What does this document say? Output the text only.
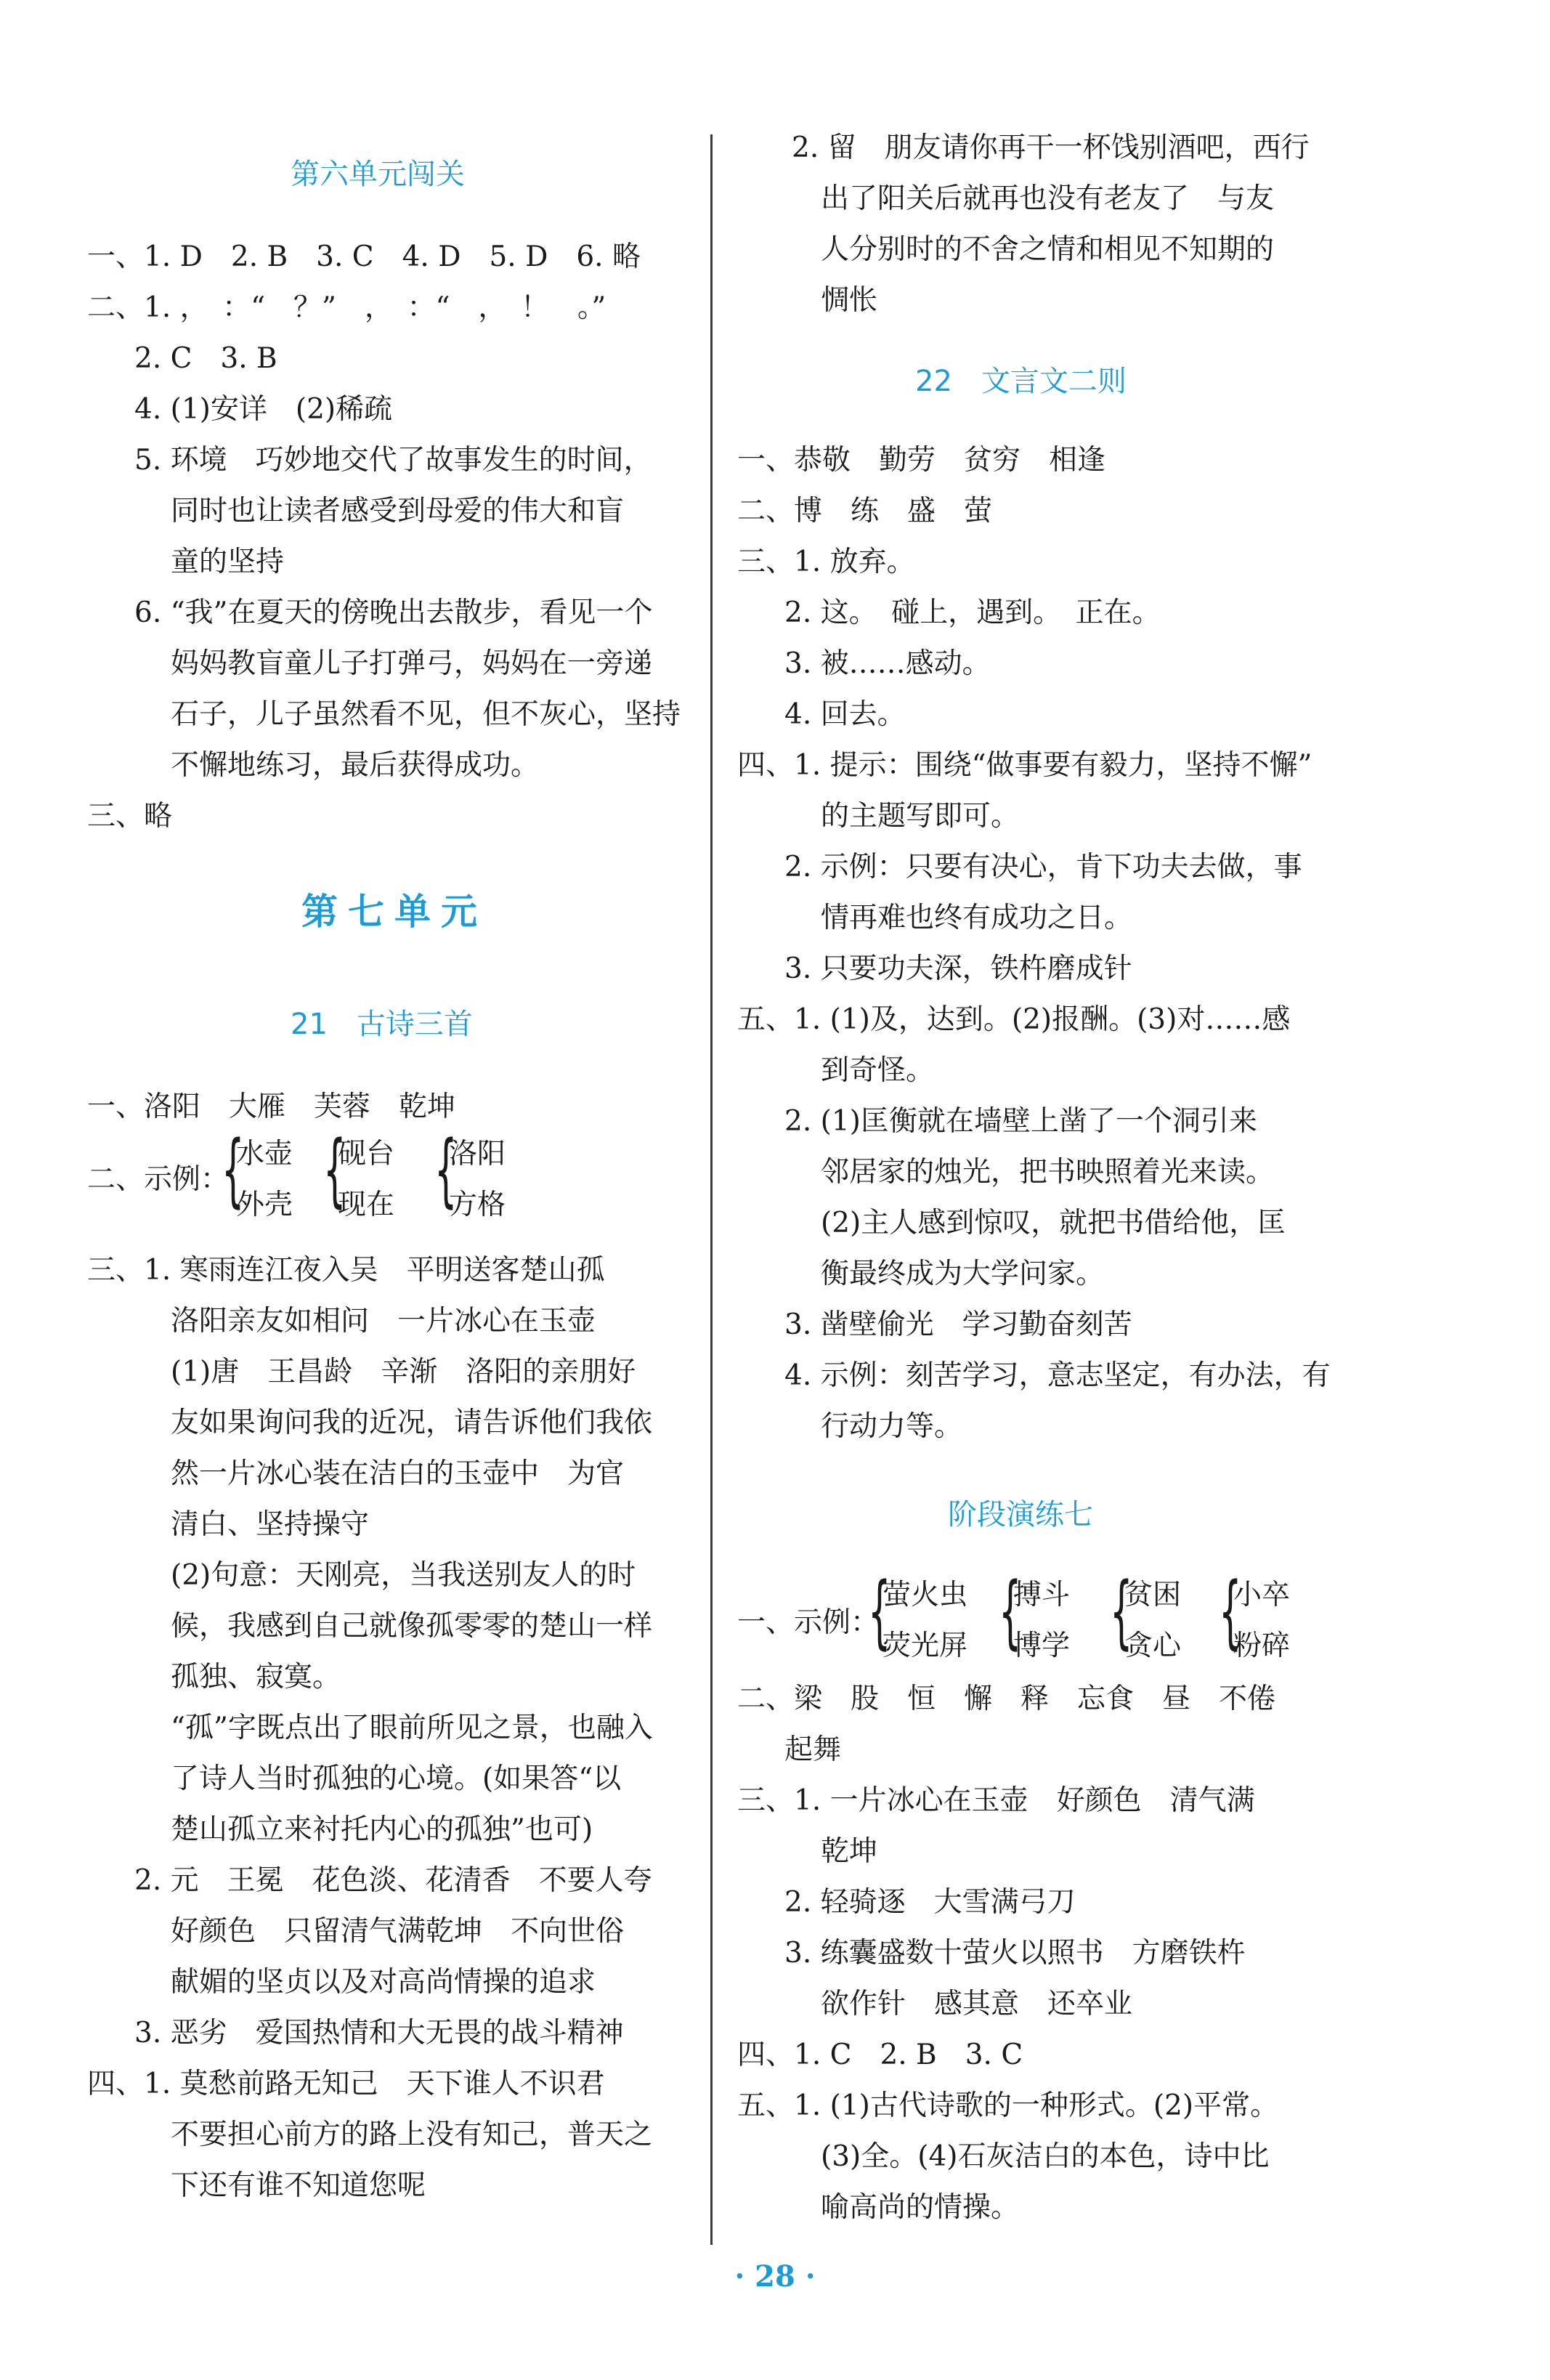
第六单元闯关
一、1. D　2. B　3. C　4. D　5. D　6. 略
二、1. ，　：“　？”　，　：“　，　！　。”
2. C　3. B
4. (1)安详　(2)稀疏
5. 环境　巧妙地交代了故事发生的时间，
同时也让读者感受到母爱的伟大和盲
童的坚持
6. “我”在夏天的傍晚出去散步，看见一个
妈妈教盲童儿子打弹弓，妈妈在一旁递
石子，儿子虽然看不见，但不灰心，坚持
不懈地练习，最后获得成功。
三、略
第七单元
21　古诗三首
一、洛阳　大雁　芙蓉　乾坤
二、示例：
{
水壶
外壳 {
砚台
现在 {
洛阳
方格
三、1. 寒雨连江夜入吴　平明送客楚山孤
洛阳亲友如相问　一片冰心在玉壶
(1)唐　王昌龄　辛渐　洛阳的亲朋好
友如果询问我的近况，请告诉他们我依
然一片冰心装在洁白的玉壶中　为官
清白、坚持操守
(2)句意：天刚亮，当我送别友人的时
候，我感到自己就像孤零零的楚山一样
孤独、寂寞。
“孤”字既点出了眼前所见之景，也融入
了诗人当时孤独的心境。(如果答“以
楚山孤立来衬托内心的孤独”也可)
2. 元　王冕　花色淡、花清香　不要人夸
好颜色　只留清气满乾坤　不向世俗
献媚的坚贞以及对高尚情操的追求
3. 恶劣　爱国热情和大无畏的战斗精神
四、1. 莫愁前路无知己　天下谁人不识君
不要担心前方的路上没有知己，普天之
下还有谁不知道您呢
2. 留　朋友请你再干一杯饯别酒吧，西行
出了阳关后就再也没有老友了　与友
人分别时的不舍之情和相见不知期的
惆怅
22　文言文二则
一、恭敬　勤劳　贫穷　相逢
二、博　练　盛　萤
三、1. 放弃。
2. 这。　碰上，遇到。　正在。
3. 被……感动。
4. 回去。
四、1. 提示：围绕“做事要有毅力，坚持不懈”
的主题写即可。
2. 示例：只要有决心，肯下功夫去做，事
情再难也终有成功之日。
3. 只要功夫深，铁杵磨成针
五、1. (1)及，达到。(2)报酬。(3)对……感
到奇怪。
2. (1)匡衡就在墙壁上凿了一个洞引来
邻居家的烛光，把书映照着光来读。
(2)主人感到惊叹，就把书借给他，匡
衡最终成为大学问家。
3. 凿壁偷光　学习勤奋刻苦
4. 示例：刻苦学习，意志坚定，有办法，有
行动力等。
阶段演练七
一、示例：
{
萤火虫
荧光屏 {
搏斗
博学 {
贫困
贪心 {
小卒
粉碎
二、梁　股　恒　懈　释　忘食　昼　不倦
起舞
三、1. 一片冰心在玉壶　好颜色　清气满
乾坤
2. 轻骑逐　大雪满弓刀
3. 练囊盛数十萤火以照书　方磨铁杵
欲作针　感其意　还卒业
四、1. C　2. B　3. C
五、1. (1)古代诗歌的一种形式。(2)平常。
(3)全。(4)石灰洁白的本色，诗中比
喻高尚的情操。
· 28 ·
